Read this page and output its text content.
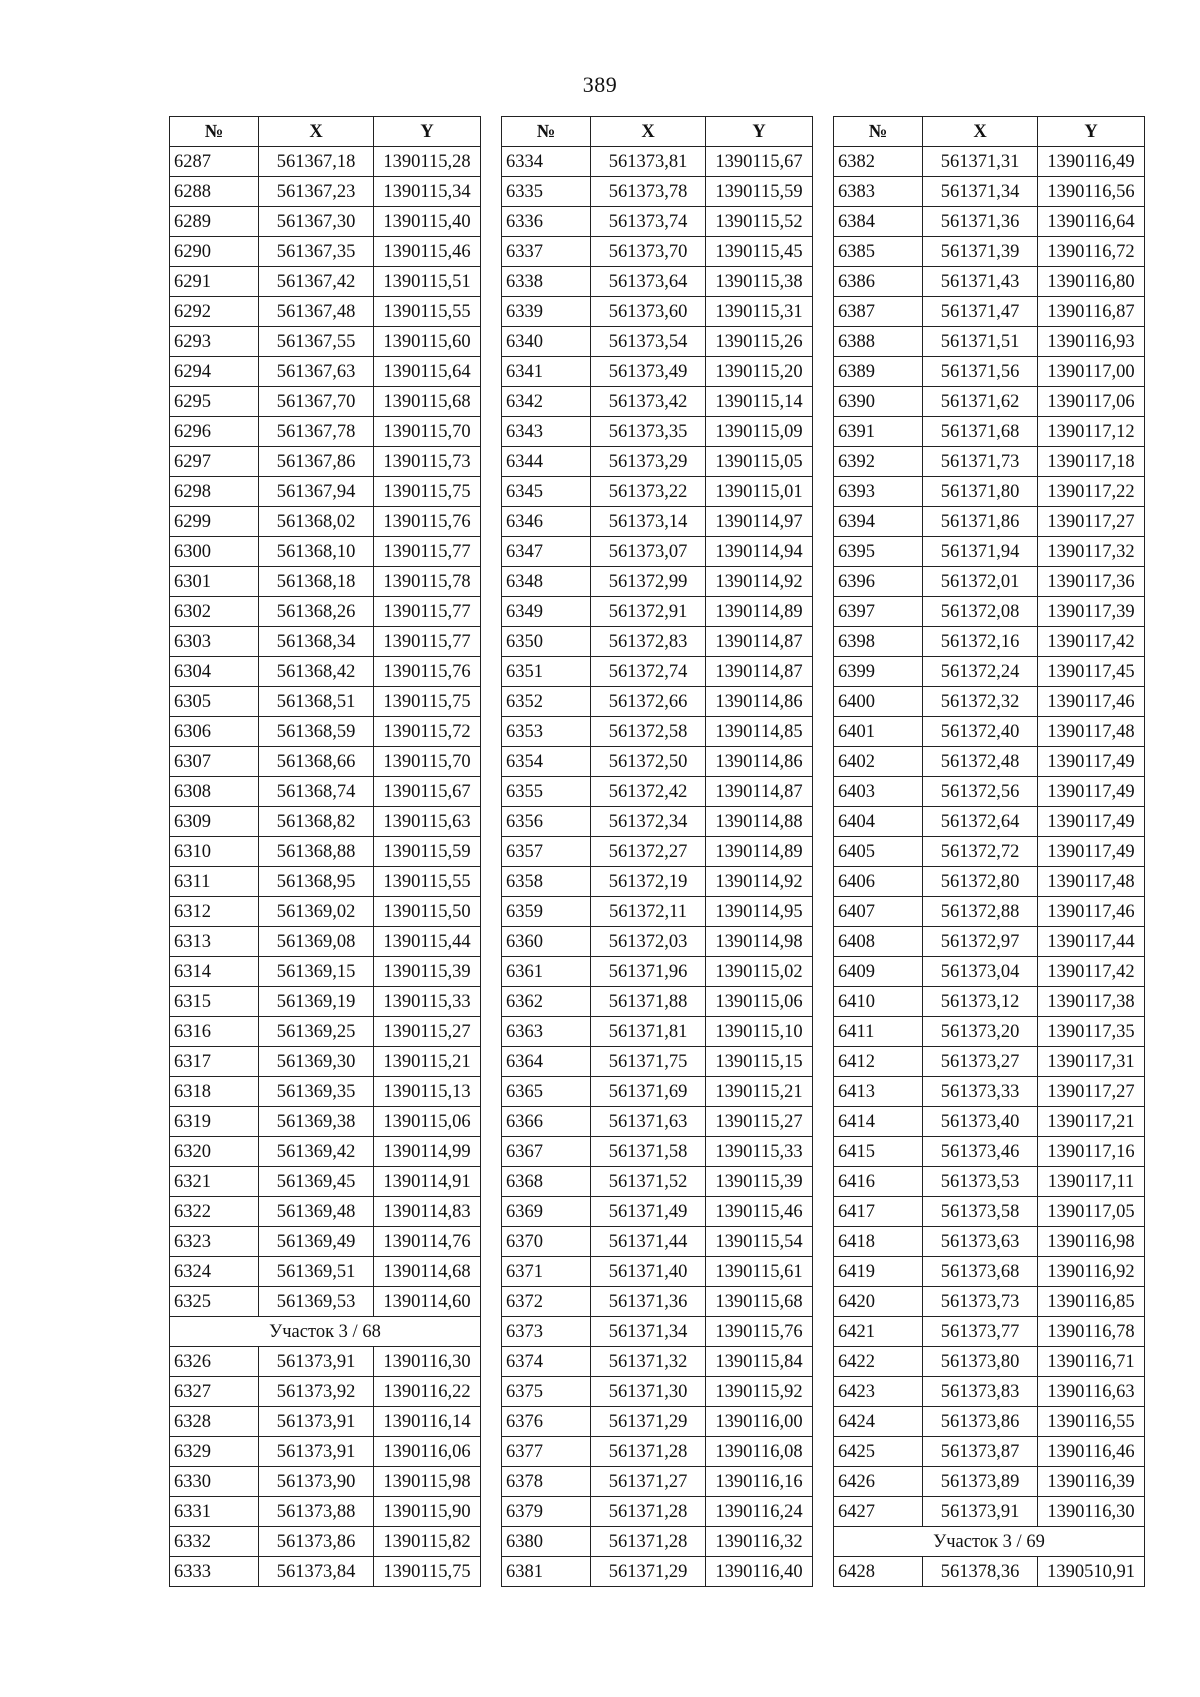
389
№	X	Y
6287	561367,18	1390115,28
6288	561367,23	1390115,34
6289	561367,30	1390115,40
6290	561367,35	1390115,46
6291	561367,42	1390115,51
6292	561367,48	1390115,55
6293	561367,55	1390115,60
6294	561367,63	1390115,64
6295	561367,70	1390115,68
6296	561367,78	1390115,70
6297	561367,86	1390115,73
6298	561367,94	1390115,75
6299	561368,02	1390115,76
6300	561368,10	1390115,77
6301	561368,18	1390115,78
6302	561368,26	1390115,77
6303	561368,34	1390115,77
6304	561368,42	1390115,76
6305	561368,51	1390115,75
6306	561368,59	1390115,72
6307	561368,66	1390115,70
6308	561368,74	1390115,67
6309	561368,82	1390115,63
6310	561368,88	1390115,59
6311	561368,95	1390115,55
6312	561369,02	1390115,50
6313	561369,08	1390115,44
6314	561369,15	1390115,39
6315	561369,19	1390115,33
6316	561369,25	1390115,27
6317	561369,30	1390115,21
6318	561369,35	1390115,13
6319	561369,38	1390115,06
6320	561369,42	1390114,99
6321	561369,45	1390114,91
6322	561369,48	1390114,83
6323	561369,49	1390114,76
6324	561369,51	1390114,68
6325	561369,53	1390114,60
Участок 3 / 68		
6326	561373,91	1390116,30
6327	561373,92	1390116,22
6328	561373,91	1390116,14
6329	561373,91	1390116,06
6330	561373,90	1390115,98
6331	561373,88	1390115,90
6332	561373,86	1390115,82
6333	561373,84	1390115,75
№	X	Y
6334	561373,81	1390115,67
6335	561373,78	1390115,59
6336	561373,74	1390115,52
6337	561373,70	1390115,45
6338	561373,64	1390115,38
6339	561373,60	1390115,31
6340	561373,54	1390115,26
6341	561373,49	1390115,20
6342	561373,42	1390115,14
6343	561373,35	1390115,09
6344	561373,29	1390115,05
6345	561373,22	1390115,01
6346	561373,14	1390114,97
6347	561373,07	1390114,94
6348	561372,99	1390114,92
6349	561372,91	1390114,89
6350	561372,83	1390114,87
6351	561372,74	1390114,87
6352	561372,66	1390114,86
6353	561372,58	1390114,85
6354	561372,50	1390114,86
6355	561372,42	1390114,87
6356	561372,34	1390114,88
6357	561372,27	1390114,89
6358	561372,19	1390114,92
6359	561372,11	1390114,95
6360	561372,03	1390114,98
6361	561371,96	1390115,02
6362	561371,88	1390115,06
6363	561371,81	1390115,10
6364	561371,75	1390115,15
6365	561371,69	1390115,21
6366	561371,63	1390115,27
6367	561371,58	1390115,33
6368	561371,52	1390115,39
6369	561371,49	1390115,46
6370	561371,44	1390115,54
6371	561371,40	1390115,61
6372	561371,36	1390115,68
6373	561371,34	1390115,76
6374	561371,32	1390115,84
6375	561371,30	1390115,92
6376	561371,29	1390116,00
6377	561371,28	1390116,08
6378	561371,27	1390116,16
6379	561371,28	1390116,24
6380	561371,28	1390116,32
6381	561371,29	1390116,40
№	X	Y
6382	561371,31	1390116,49
6383	561371,34	1390116,56
6384	561371,36	1390116,64
6385	561371,39	1390116,72
6386	561371,43	1390116,80
6387	561371,47	1390116,87
6388	561371,51	1390116,93
6389	561371,56	1390117,00
6390	561371,62	1390117,06
6391	561371,68	1390117,12
6392	561371,73	1390117,18
6393	561371,80	1390117,22
6394	561371,86	1390117,27
6395	561371,94	1390117,32
6396	561372,01	1390117,36
6397	561372,08	1390117,39
6398	561372,16	1390117,42
6399	561372,24	1390117,45
6400	561372,32	1390117,46
6401	561372,40	1390117,48
6402	561372,48	1390117,49
6403	561372,56	1390117,49
6404	561372,64	1390117,49
6405	561372,72	1390117,49
6406	561372,80	1390117,48
6407	561372,88	1390117,46
6408	561372,97	1390117,44
6409	561373,04	1390117,42
6410	561373,12	1390117,38
6411	561373,20	1390117,35
6412	561373,27	1390117,31
6413	561373,33	1390117,27
6414	561373,40	1390117,21
6415	561373,46	1390117,16
6416	561373,53	1390117,11
6417	561373,58	1390117,05
6418	561373,63	1390116,98
6419	561373,68	1390116,92
6420	561373,73	1390116,85
6421	561373,77	1390116,78
6422	561373,80	1390116,71
6423	561373,83	1390116,63
6424	561373,86	1390116,55
6425	561373,87	1390116,46
6426	561373,89	1390116,39
6427	561373,91	1390116,30
Участок 3 / 69		
6428	561378,36	1390510,91
